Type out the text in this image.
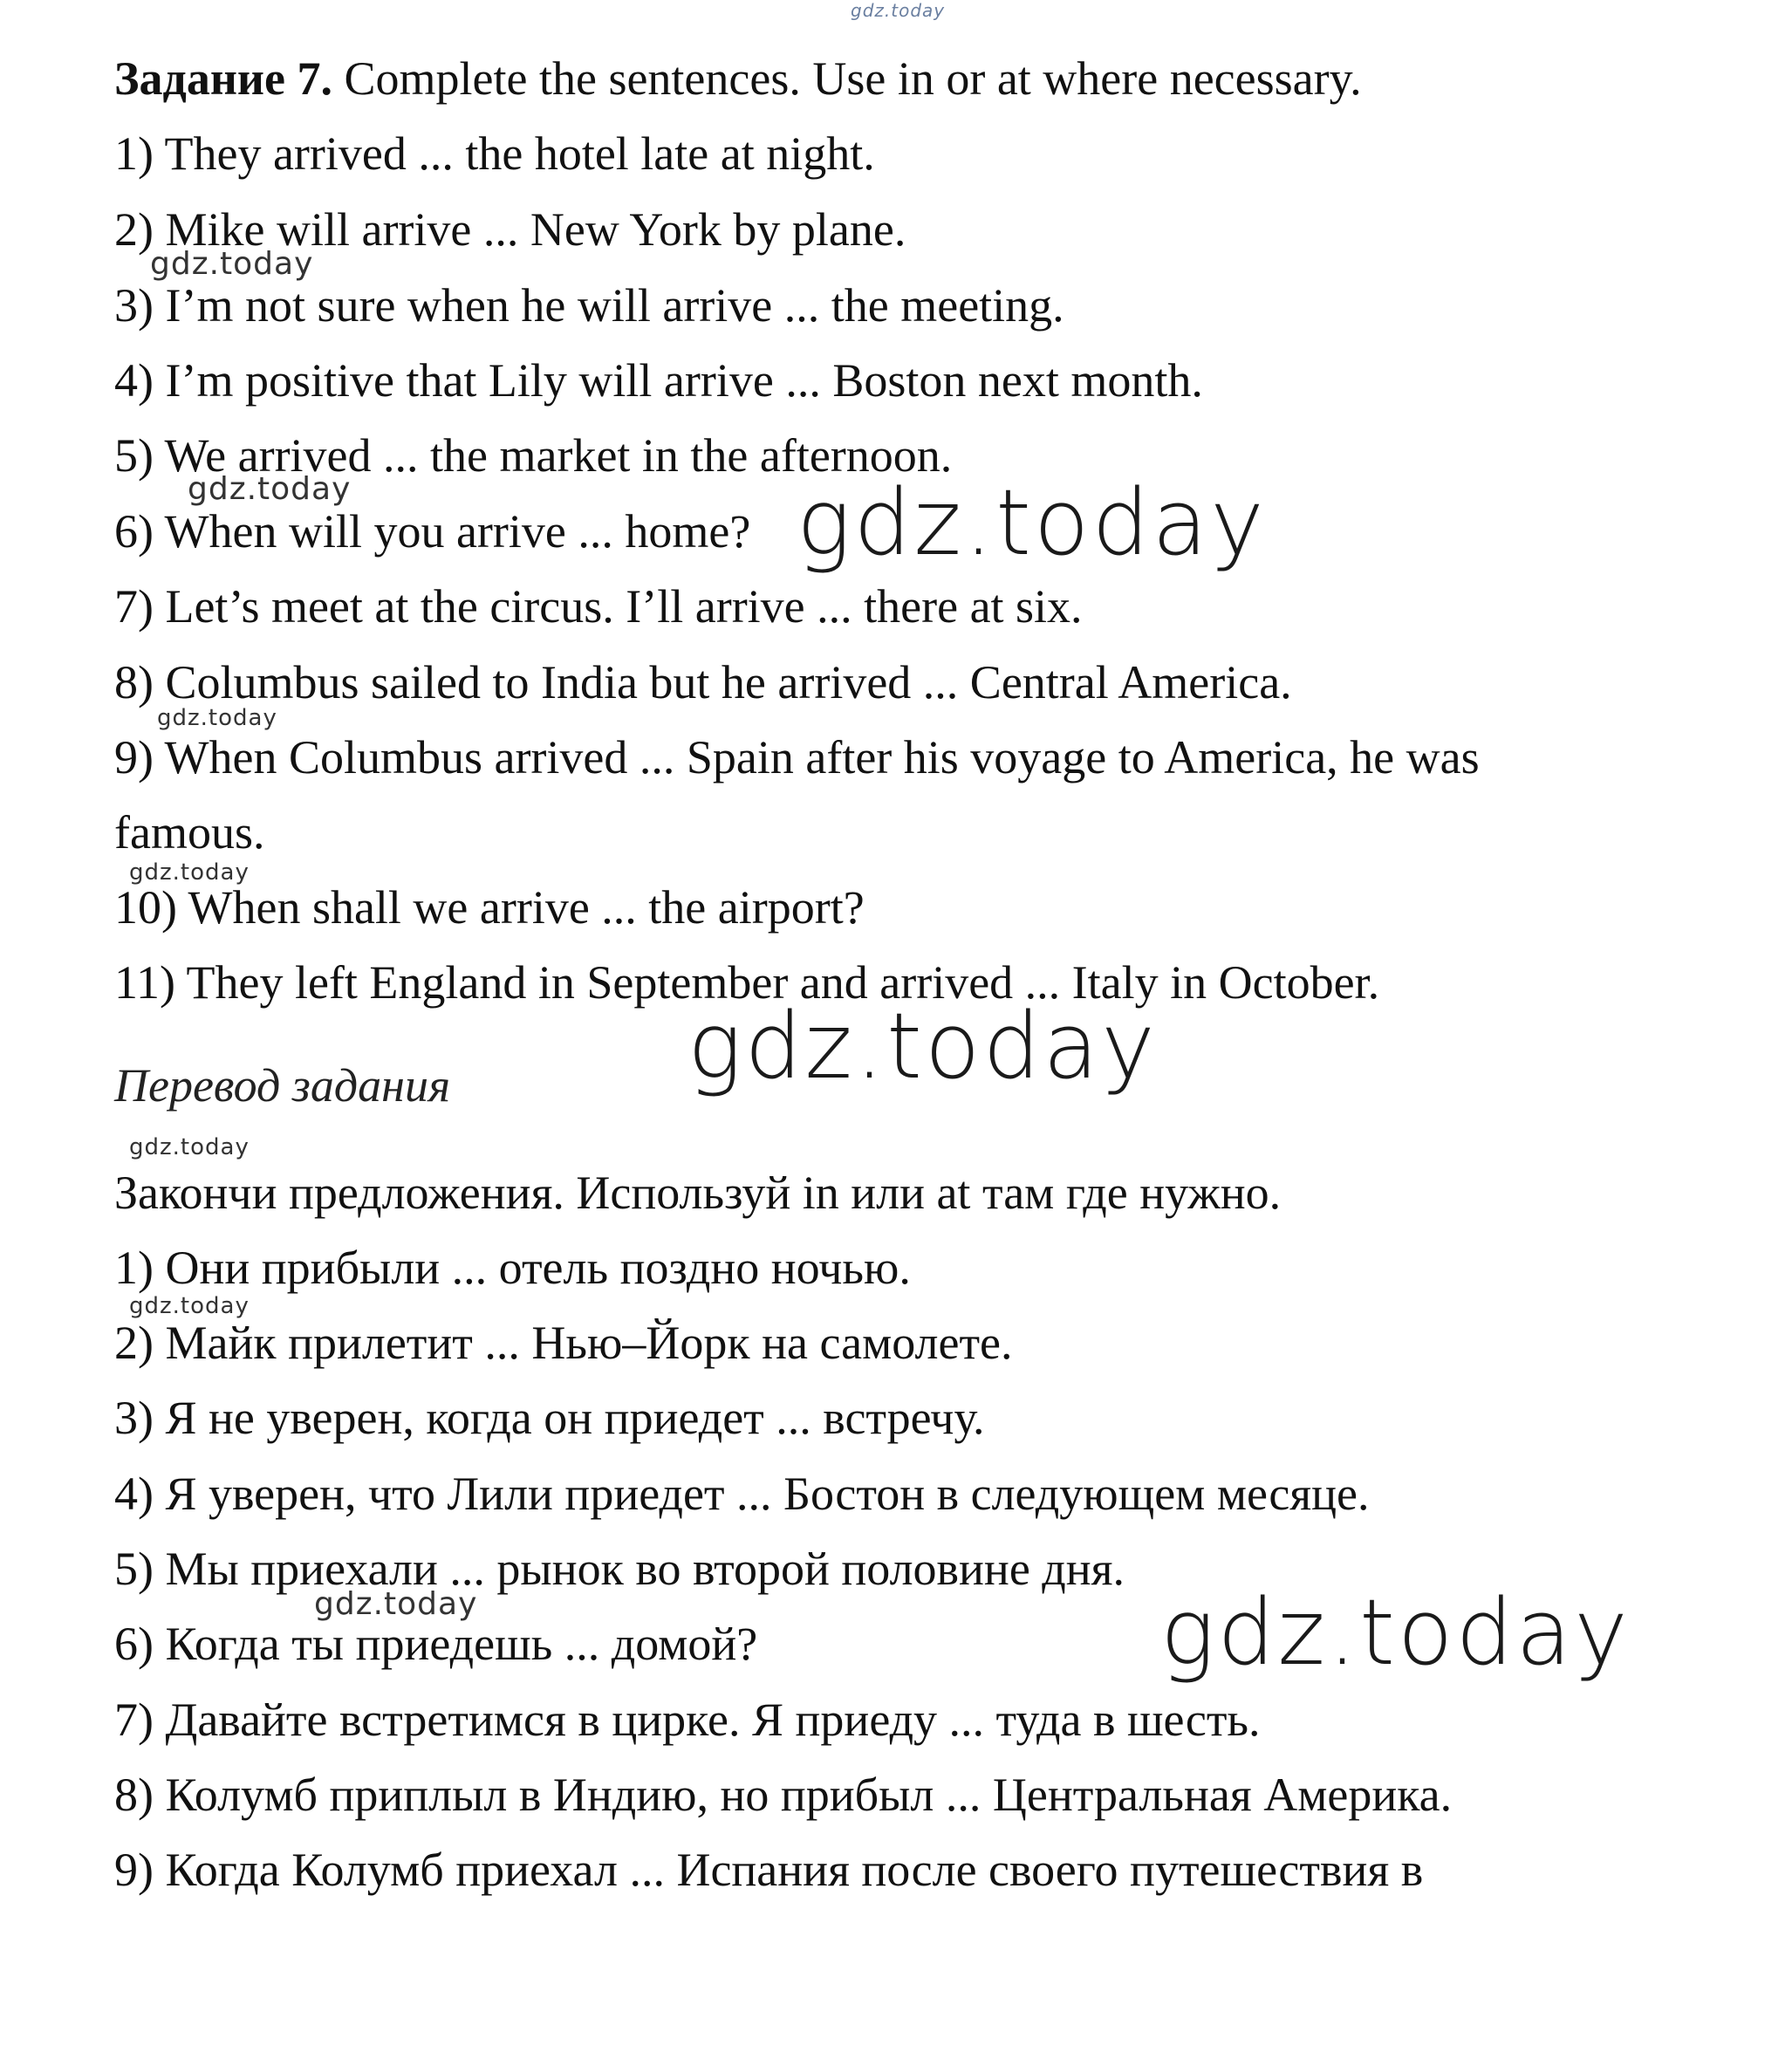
gdz.today

Задание 7. Complete the sentences. Use in or at where necessary.

1) They arrived ... the hotel late at night.

2) Mike will arrive ... New York by plane.

gdz.today

3) I’m not sure when he will arrive ... the meeting.

4) I’m positive that Lily will arrive ... Boston next month.

5) We arrived ... the market in the afternoon.

gdz.today

6) When will you arrive ... home? gdz.today

7) Let’s meet at the circus. I’ll arrive ... there at six.

8) Columbus sailed to India but he arrived ... Central America.

gdz.today

9) When Columbus arrived ... Spain after his voyage to America, he was

famous.

gdz.today

10) When shall we arrive ... the airport?

11) They left England in September and arrived ... Italy in October.

gdz.today

Перевод задания

gdz.today

Закончи предложения. Используй in или at там где нужно.

1) Они прибыли ... отель поздно ночью.

gdz.today

2) Майк прилетит ... Нью–Йорк на самолете.

3) Я не уверен, когда он приедет ... встречу.

4) Я уверен, что Лили приедет ... Бостон в следующем месяце.

5) Мы приехали ... рынок во второй половине дня.

gdz.today

6) Когда ты приедешь ... домой?	gdz.today

7) Давайте встретимся в цирке. Я приеду ... туда в шесть.

8) Колумб приплыл в Индию, но прибыл ... Центральная Америка.

9) Когда Колумб приехал ... Испания после своего путешествия в
